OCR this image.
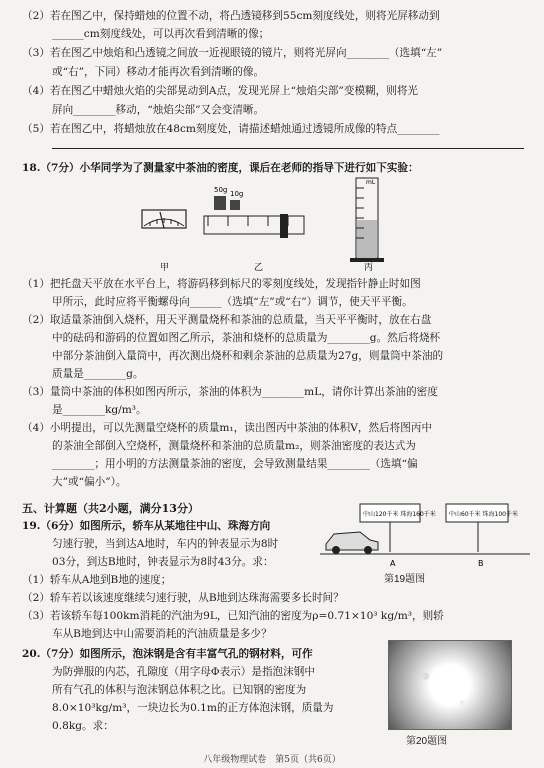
（2）若在图乙中，保持蜡烛的位置不动，将凸透镜移到55cm刻度线处，则将光屏移动到
______cm刻度线处，可以再次看到清晰的像；
（3）若在图乙中烛焰和凸透镜之间放一近视眼镜的镜片，则将光屏向________（选填“左”
或“右”，下同）移动才能再次看到清晰的像。
（4）若在图乙中蜡烛火焰的尖部晃动到A点，发现光屏上“烛焰尖部”变模糊，则将光
屏向________移动，“烛焰尖部”又会变清晰。
（5）若在图乙中，将蜡烛放在48cm刻度处，请描述蜡烛通过透镜所成像的特点________
18.（7分）小华同学为了测量家中茶油的密度，课后在老师的指导下进行如下实验：
50g 10g
mL
甲	乙	丙
（1）把托盘天平放在水平台上，将游码移到标尺的零刻度线处，发现指针静止时如图
甲所示，此时应将平衡螺母向______（选填“左”或“右”）调节，使天平平衡。
（2）取适量茶油倒入烧杯，用天平测量烧杯和茶油的总质量，当天平平衡时，放在右盘
中的砝码和游码的位置如图乙所示，茶油和烧杯的总质量为________g。然后将烧杯
中部分茶油倒入量筒中，再次测出烧杯和剩余茶油的总质量为27g，则量筒中茶油的
质量是________g。
（3）量筒中茶油的体积如图丙所示，茶油的体积为________mL，请你计算出茶油的密度
是________kg/m³。
（4）小明提出，可以先测量空烧杯的质量m₁，读出图丙中茶油的体积V，然后将图丙中
的茶油全部倒入空烧杯，测量烧杯和茶油的总质量m₂，则茶油密度的表达式为
________；用小明的方法测量茶油的密度，会导致测量结果________（选填“偏
大”或“偏小”）。
五、计算题（共2小题，满分13分）
19.（6分）如图所示，轿车从某地往中山、珠海方向
匀速行驶，当到达A地时，车内的钟表显示为8时
03分，到达B地时，钟表显示为8时43分。求：
（1）轿车从A地到B地的速度；
中山120千米 珠海160千米 中山60千米 珠海100千米
A	B
第19题图
（2）轿车若以该速度继续匀速行驶，从B地到达珠海需要多长时间？
（3）若该轿车每100km消耗的汽油为9L，已知汽油的密度为ρ=0.71×10³ kg/m³，则轿
车从B地到达中山需要消耗的汽油质量是多少？
20.（7分）如图所示，泡沫钢是含有丰富气孔的钢材料，可作
为防弹服的内芯，孔隙度（用字母Φ表示）是指泡沫钢中
所有气孔的体积与泡沫钢总体积之比。已知钢的密度为
8.0×10³kg/m³，一块边长为0.1m的正方体泡沫钢，质量为
0.8kg。求：
第20题图
八年级物理试卷　第5页（共6页）
